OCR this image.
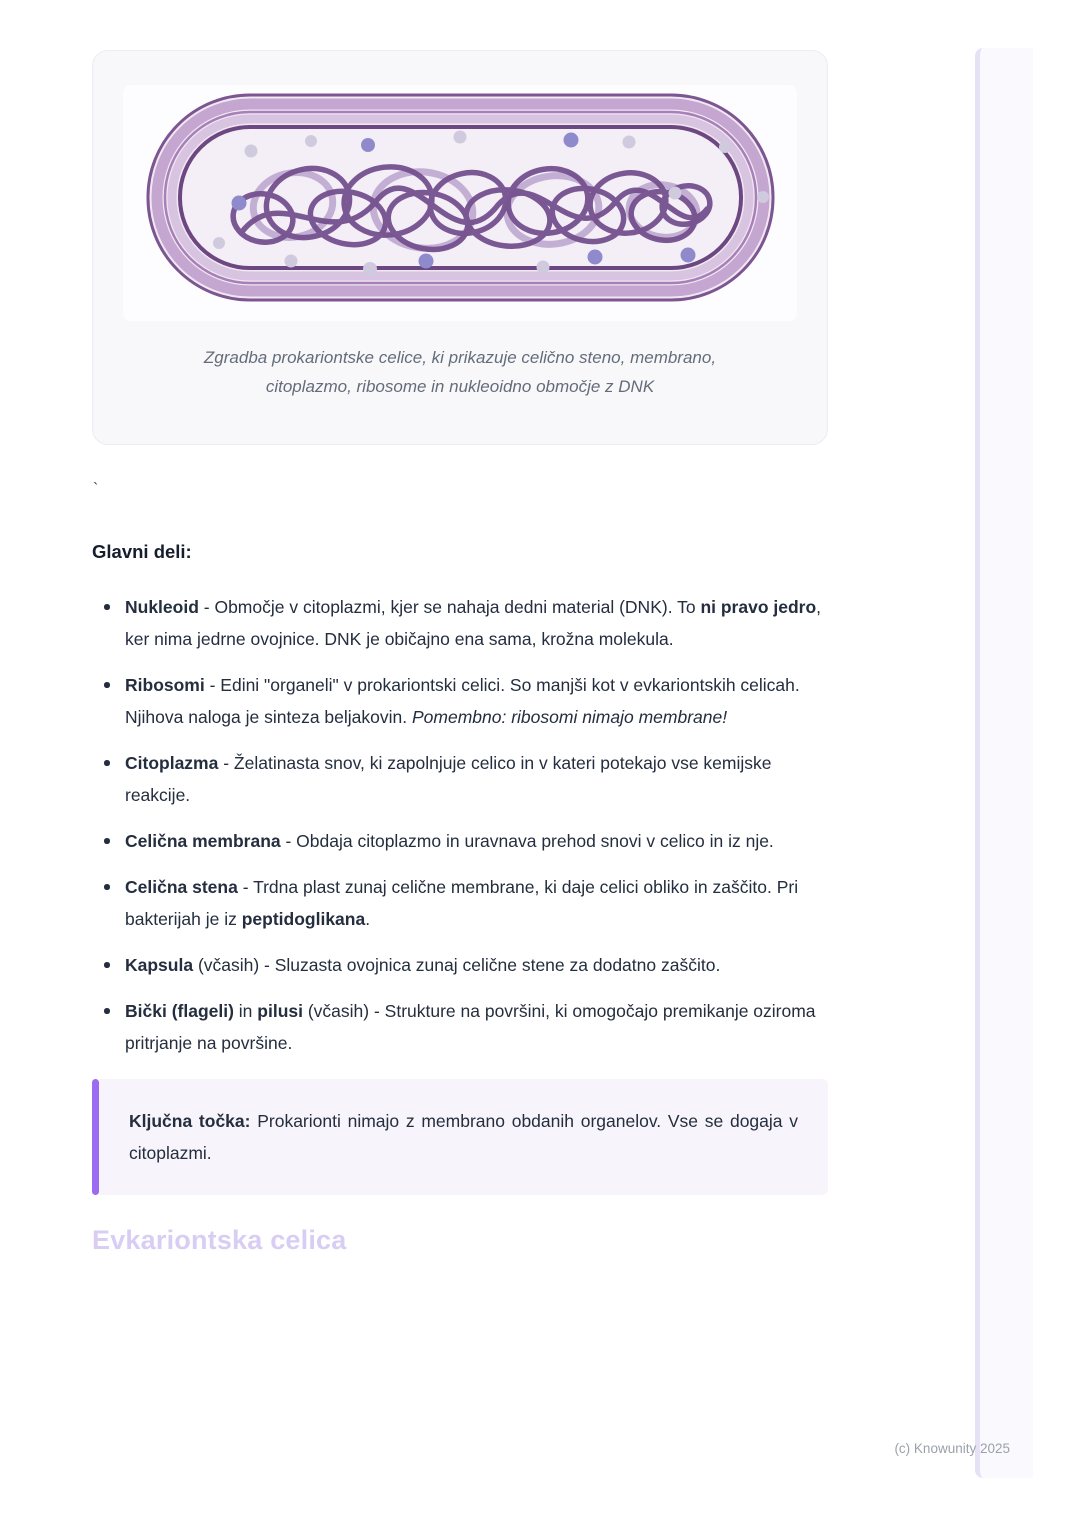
Zgradba prokariontske celice, ki prikazuje celično steno, membrano,
citoplazmo, ribosome in nukleoidno območje z DNK

`
Glavni deli:
Nukleoid - Območje v citoplazmi, kjer se nahaja dedni material (DNK). To ni pravo jedro, ker nima jedrne ovojnice. DNK je običajno ena sama, krožna molekula.
Ribosomi - Edini "organeli" v prokariontski celici. So manjši kot v evkariontskih celicah. Njihova naloga je sinteza beljakovin. Pomembno: ribosomi nimajo membrane!
Citoplazma - Želatinasta snov, ki zapolnjuje celico in v kateri potekajo vse kemijske reakcije.
Celična membrana - Obdaja citoplazmo in uravnava prehod snovi v celico in iz nje.
Celična stena - Trdna plast zunaj celične membrane, ki daje celici obliko in zaščito. Pri bakterijah je iz peptidoglikana.
Kapsula (včasih) - Sluzasta ovojnica zunaj celične stene za dodatno zaščito.
Bički (flageli) in pilusi (včasih) - Strukture na površini, ki omogočajo premikanje oziroma pritrjanje na površine.

Ključna točka: Prokarionti nimajo z membrano obdanih organelov. Vse se dogaja v citoplazmi.

Evkariontska celica
(c) Knowunity 2025
